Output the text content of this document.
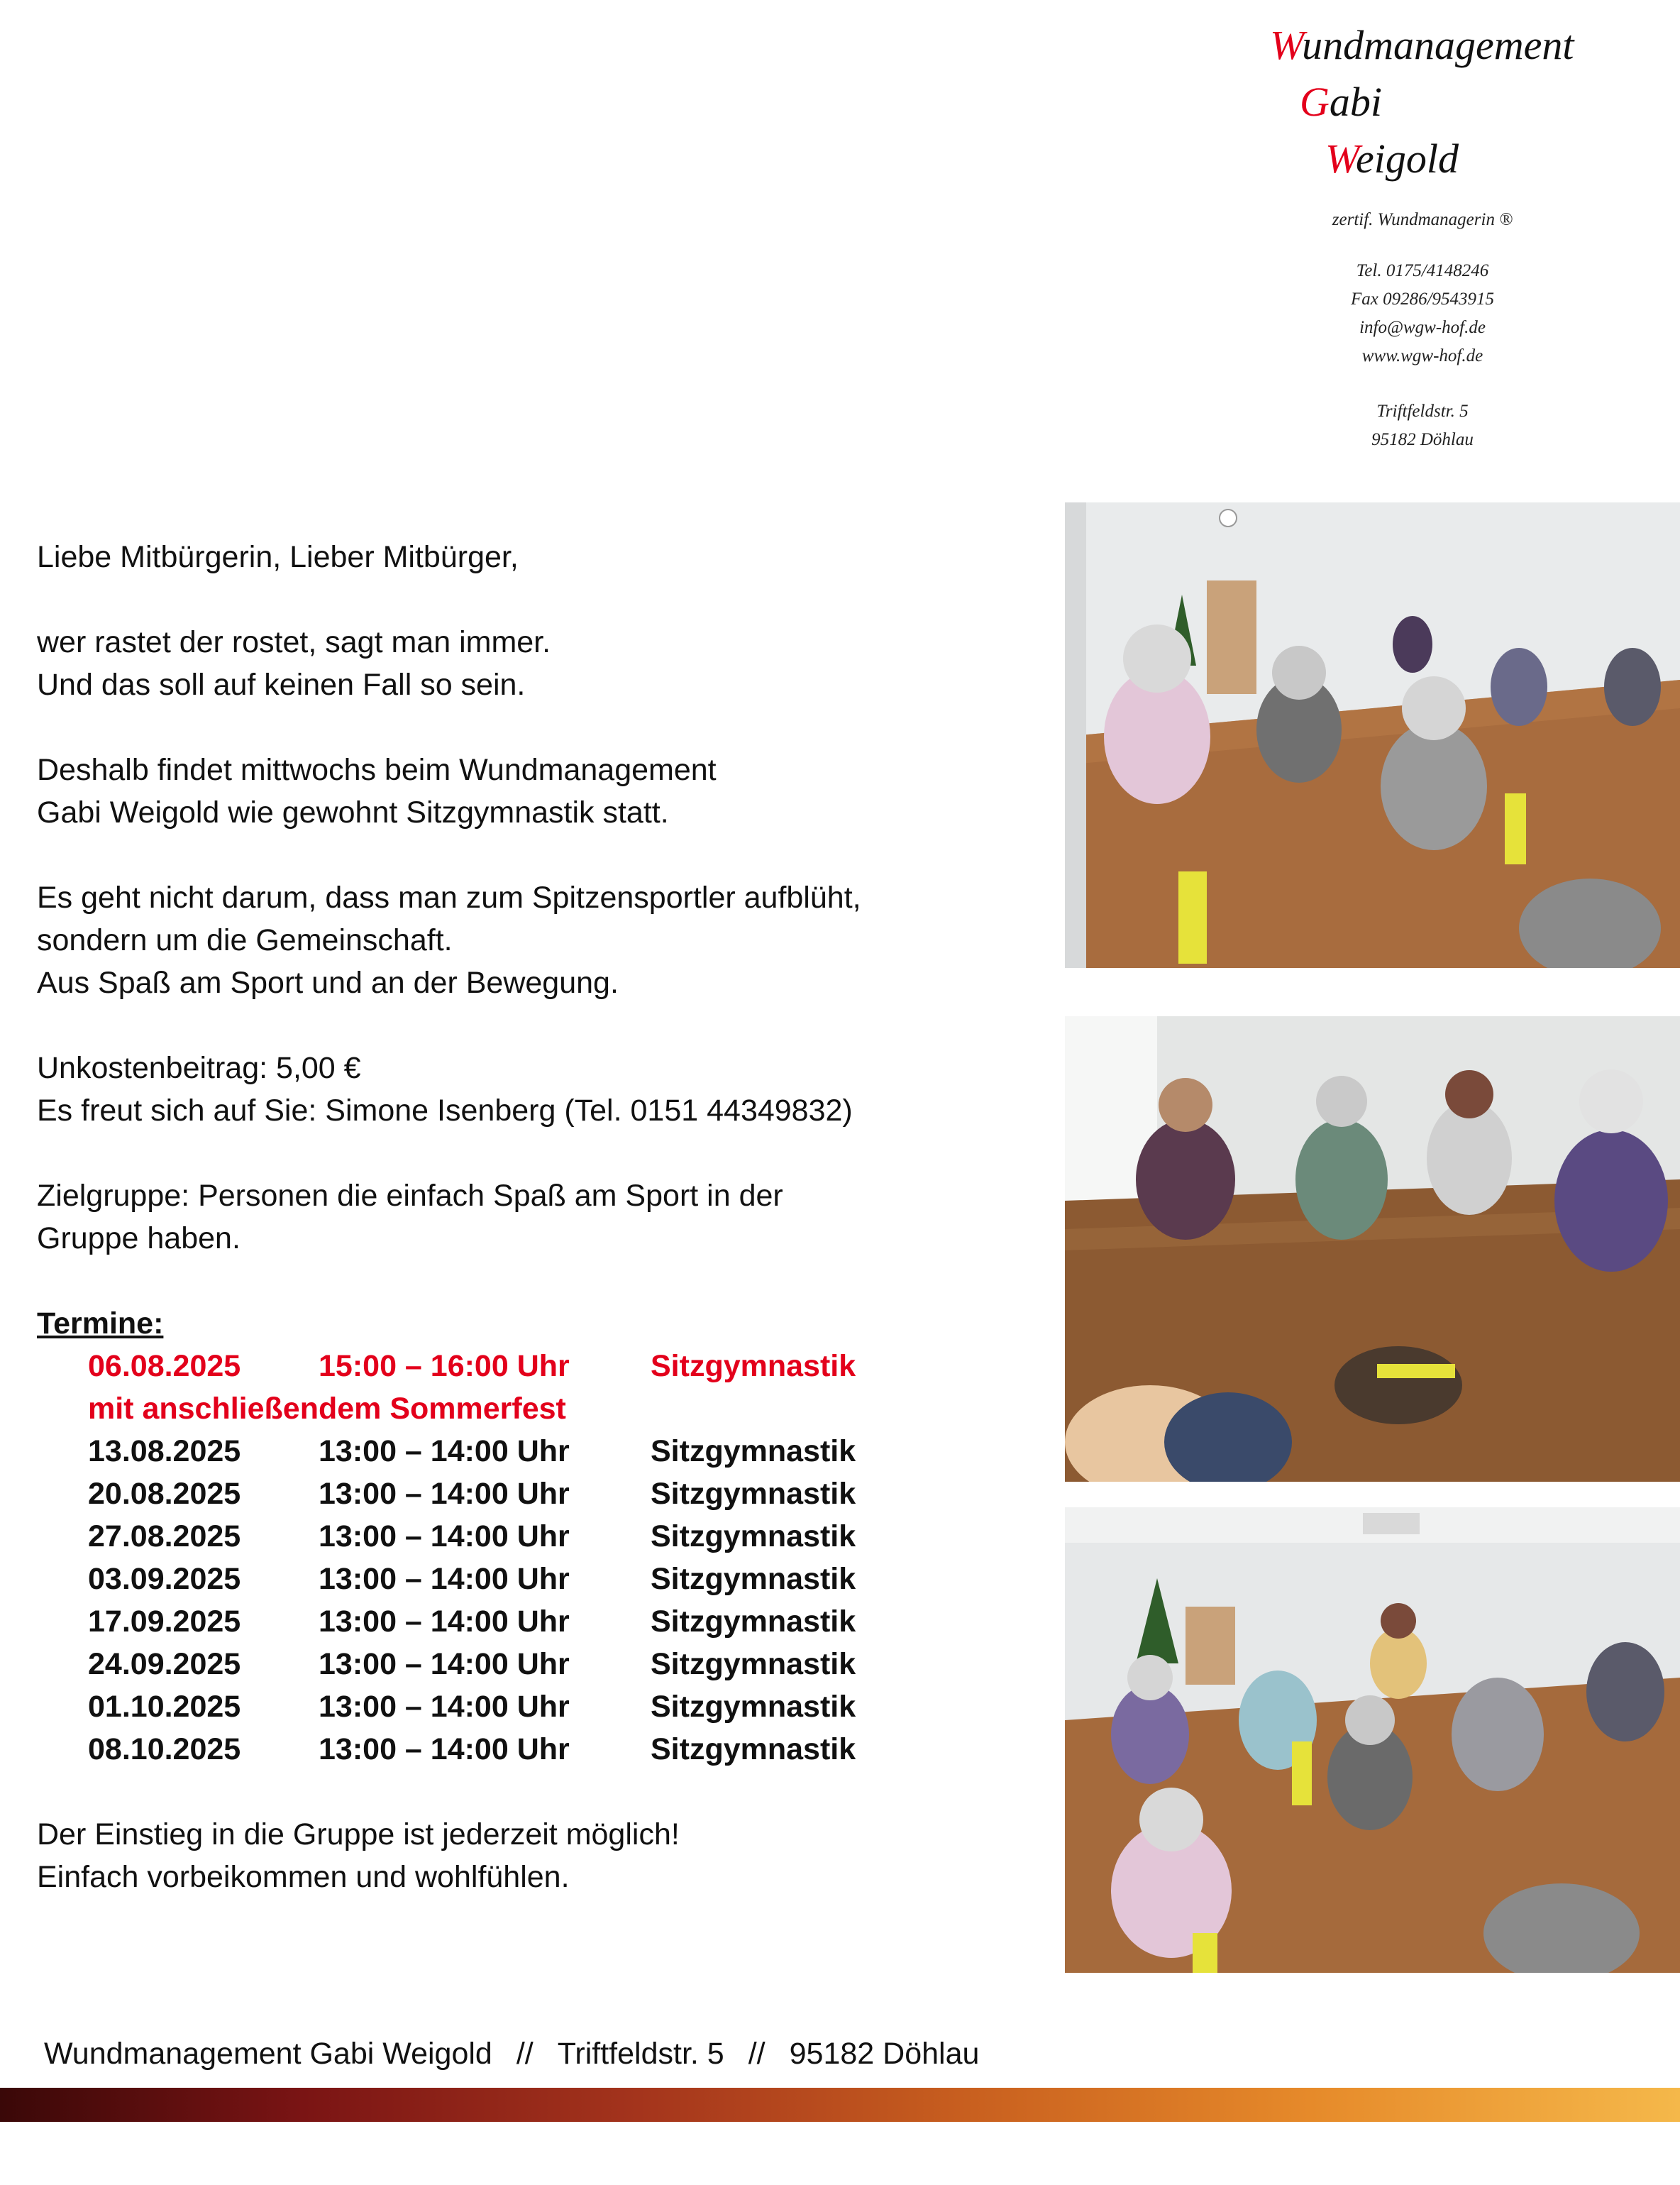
Wundmanagement
Gabi
Weigold
zertif. Wundmanagerin ®
Tel. 0175/4148246
Fax 09286/9543915
info@wgw-hof.de
www.wgw-hof.de
Triftfeldstr. 5
95182 Döhlau

Liebe Mitbürgerin, Lieber Mitbürger,

wer rastet der rostet, sagt man immer.
Und das soll auf keinen Fall so sein.

Deshalb findet mittwochs beim Wundmanagement
Gabi Weigold wie gewohnt Sitzgymnastik statt.

Es geht nicht darum, dass man zum Spitzensportler aufblüht,
sondern um die Gemeinschaft.
Aus Spaß am Sport und an der Bewegung.

Unkostenbeitrag: 5,00 €
Es freut sich auf Sie: Simone Isenberg (Tel. 0151 44349832)

Zielgruppe: Personen die einfach Spaß am Sport in der
Gruppe haben.

Termine:
06.08.2025	15:00 – 16:00 Uhr	Sitzgymnastik
mit anschließendem Sommerfest
13.08.2025	13:00 – 14:00 Uhr	Sitzgymnastik
20.08.2025	13:00 – 14:00 Uhr	Sitzgymnastik
27.08.2025	13:00 – 14:00 Uhr	Sitzgymnastik
03.09.2025	13:00 – 14:00 Uhr	Sitzgymnastik
17.09.2025	13:00 – 14:00 Uhr	Sitzgymnastik
24.09.2025	13:00 – 14:00 Uhr	Sitzgymnastik
01.10.2025	13:00 – 14:00 Uhr	Sitzgymnastik
08.10.2025	13:00 – 14:00 Uhr	Sitzgymnastik
Der Einstieg in die Gruppe ist jederzeit möglich!
Einfach vorbeikommen und wohlfühlen.
Wundmanagement Gabi Weigold // Triftfeldstr. 5 // 95182 Döhlau
